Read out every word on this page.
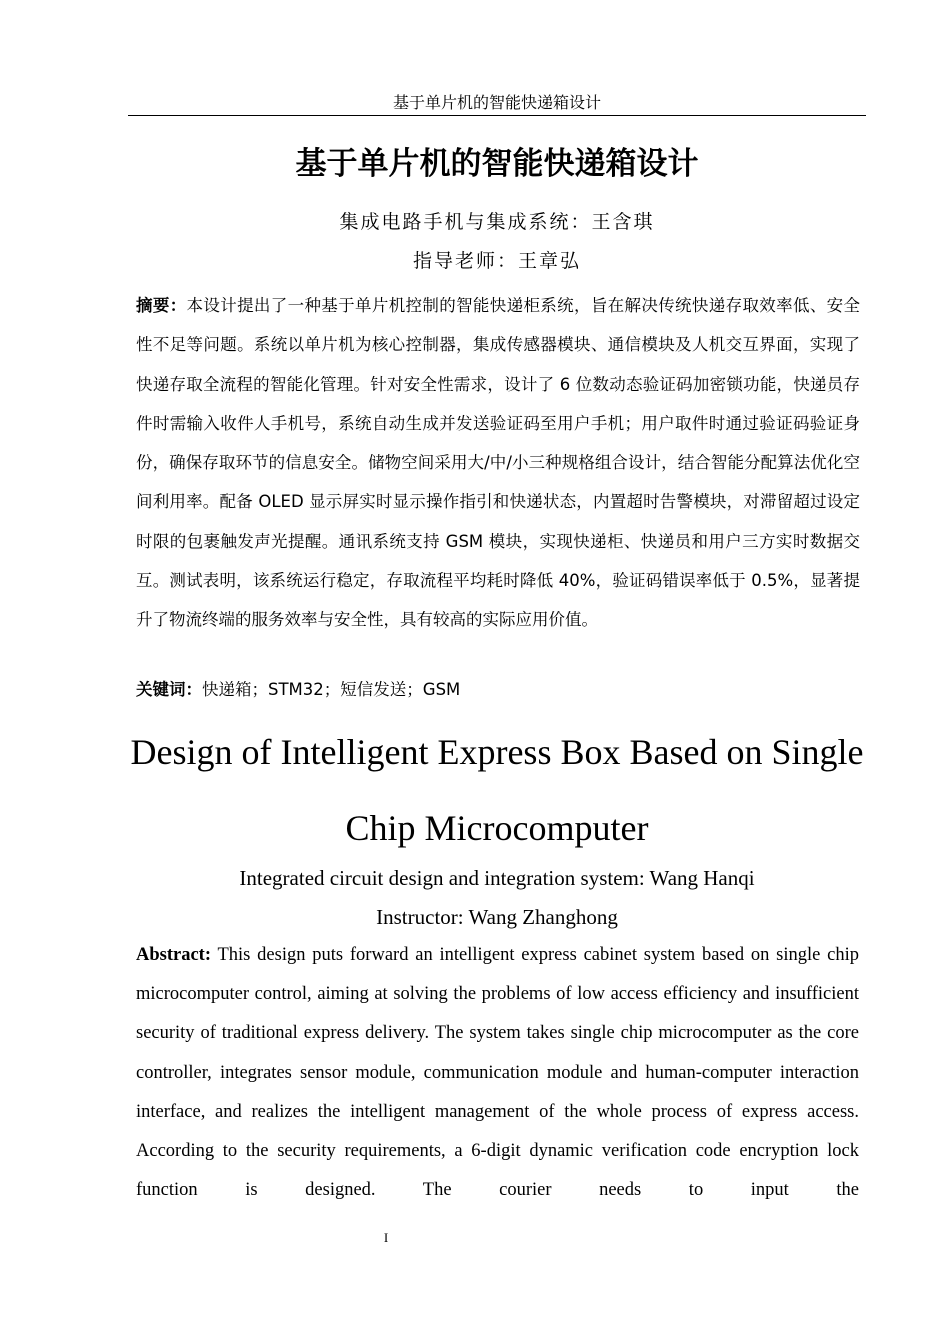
基于单片机的智能快递箱设计
基于单片机的智能快递箱设计
集成电路手机与集成系统：王含琪
指导老师：王章弘

摘要：本设计提出了一种基于单片机控制的智能快递柜系统，旨在解决传统快递存取效率低、安全性不足等问题。系统以单片机为核心控制器，集成传感器模块、通信模块及人机交互界面，实现了快递存取全流程的智能化管理。针对安全性需求，设计了 6 位数动态验证码加密锁功能，快递员存件时需输入收件人手机号，系统自动生成并发送验证码至用户手机；用户取件时通过验证码验证身份，确保存取环节的信息安全。储物空间采用大/中/小三种规格组合设计，结合智能分配算法优化空间利用率。配备 OLED 显示屏实时显示操作指引和快递状态，内置超时告警模块，对滞留超过设定时限的包裹触发声光提醒。通讯系统支持 GSM 模块，实现快递柜、快递员和用户三方实时数据交互。测试表明，该系统运行稳定，存取流程平均耗时降低 40%，验证码错误率低于 0.5%，显著提升了物流终端的服务效率与安全性，具有较高的实际应用价值。

关键词：快递箱；STM32；短信发送；GSM

Design of Intelligent Express Box Based on Single Chip Microcomputer

Integrated circuit design and integration system: Wang Hanqi
Instructor: Wang Zhanghong

Abstract: This design puts forward an intelligent express cabinet system based on single chip microcomputer control, aiming at solving the problems of low access efficiency and insufficient security of traditional express delivery. The system takes single chip microcomputer as the core controller, integrates sensor module, communication module and human-computer interaction interface, and realizes the intelligent management of the whole process of express access. According to the security requirements, a 6-digit dynamic verification code encryption lock function is designed. The courier needs to input the

I
